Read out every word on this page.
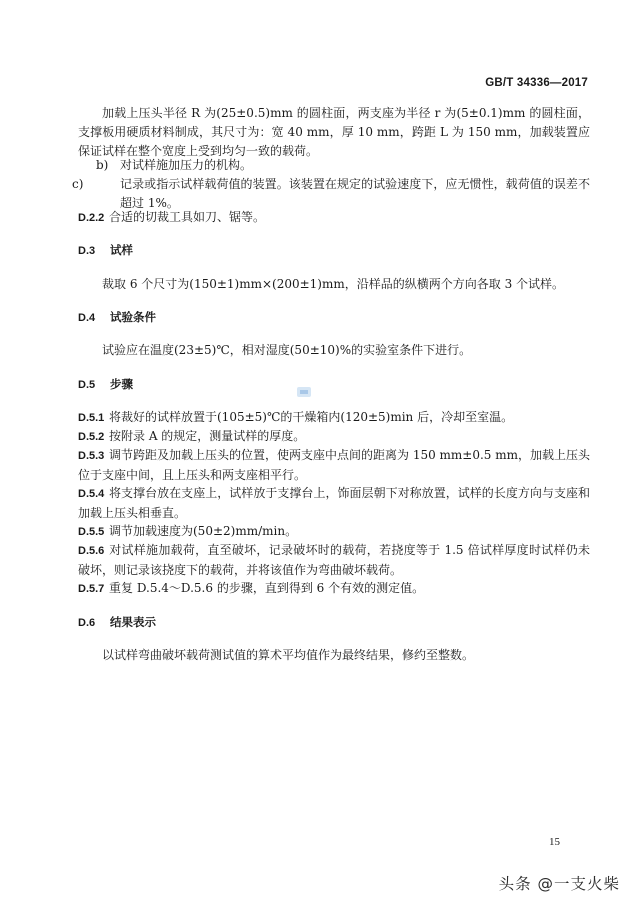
GB/T 34336—2017

加载上压头半径 R 为(25±0.5)mm 的圆柱面，两支座为半径 r 为(5±0.1)mm 的圆柱面，支撑板用硬质材料制成，其尺寸为：宽 40 mm，厚 10 mm，跨距 L 为 150 mm，加载装置应保证试样在整个宽度上受到均匀一致的载荷。

b) 对试样施加压力的机构。

c)	记录或指示试样载荷值的装置。该装置在规定的试验速度下，应无惯性，载荷值的误差不超过 1%。

D.2.2 合适的切裁工具如刀、锯等。

D.3 试样

裁取 6 个尺寸为(150±1)mm×(200±1)mm，沿样品的纵横两个方向各取 3 个试样。

D.4 试验条件

试验应在温度(23±5)℃，相对湿度(50±10)%的实验室条件下进行。

D.5 步骤

D.5.1 将裁好的试样放置于(105±5)℃的干燥箱内(120±5)min 后，冷却至室温。

D.5.2 按附录 A 的规定，测量试样的厚度。

D.5.3 调节跨距及加载上压头的位置，使两支座中点间的距离为 150 mm±0.5 mm，加载上压头位于支座中间，且上压头和两支座相平行。

D.5.4 将支撑台放在支座上，试样放于支撑台上，饰面层朝下对称放置，试样的长度方向与支座和加载上压头相垂直。

D.5.5 调节加载速度为(50±2)mm/min。

D.5.6 对试样施加载荷，直至破坏，记录破坏时的载荷，若挠度等于 1.5 倍试样厚度时试样仍未破坏，则记录该挠度下的载荷，并将该值作为弯曲破坏载荷。

D.5.7 重复 D.5.4～D.5.6 的步骤，直到得到 6 个有效的测定值。

D.6 结果表示

以试样弯曲破坏载荷测试值的算术平均值作为最终结果，修约至整数。

15
头条 @一支火柴
